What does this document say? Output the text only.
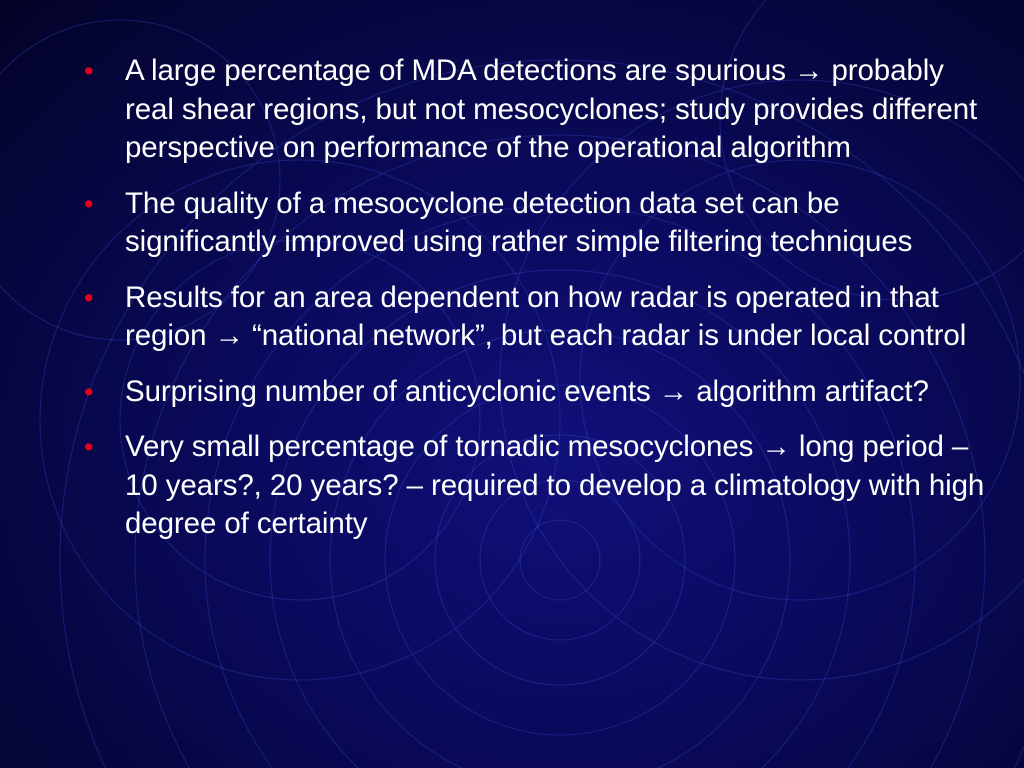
• A large percentage of MDA detections are spurious → probably real shear regions, but not mesocyclones; study provides different perspective on performance of the operational algorithm
• The quality of a mesocyclone detection data set can be significantly improved using rather simple filtering techniques
• Results for an area dependent on how radar is operated in that region → “national network”, but each radar is under local control
• Surprising number of anticyclonic events → algorithm artifact?
• Very small percentage of tornadic mesocyclones → long period – 10 years?, 20 years? – required to develop a climatology with high degree of certainty
